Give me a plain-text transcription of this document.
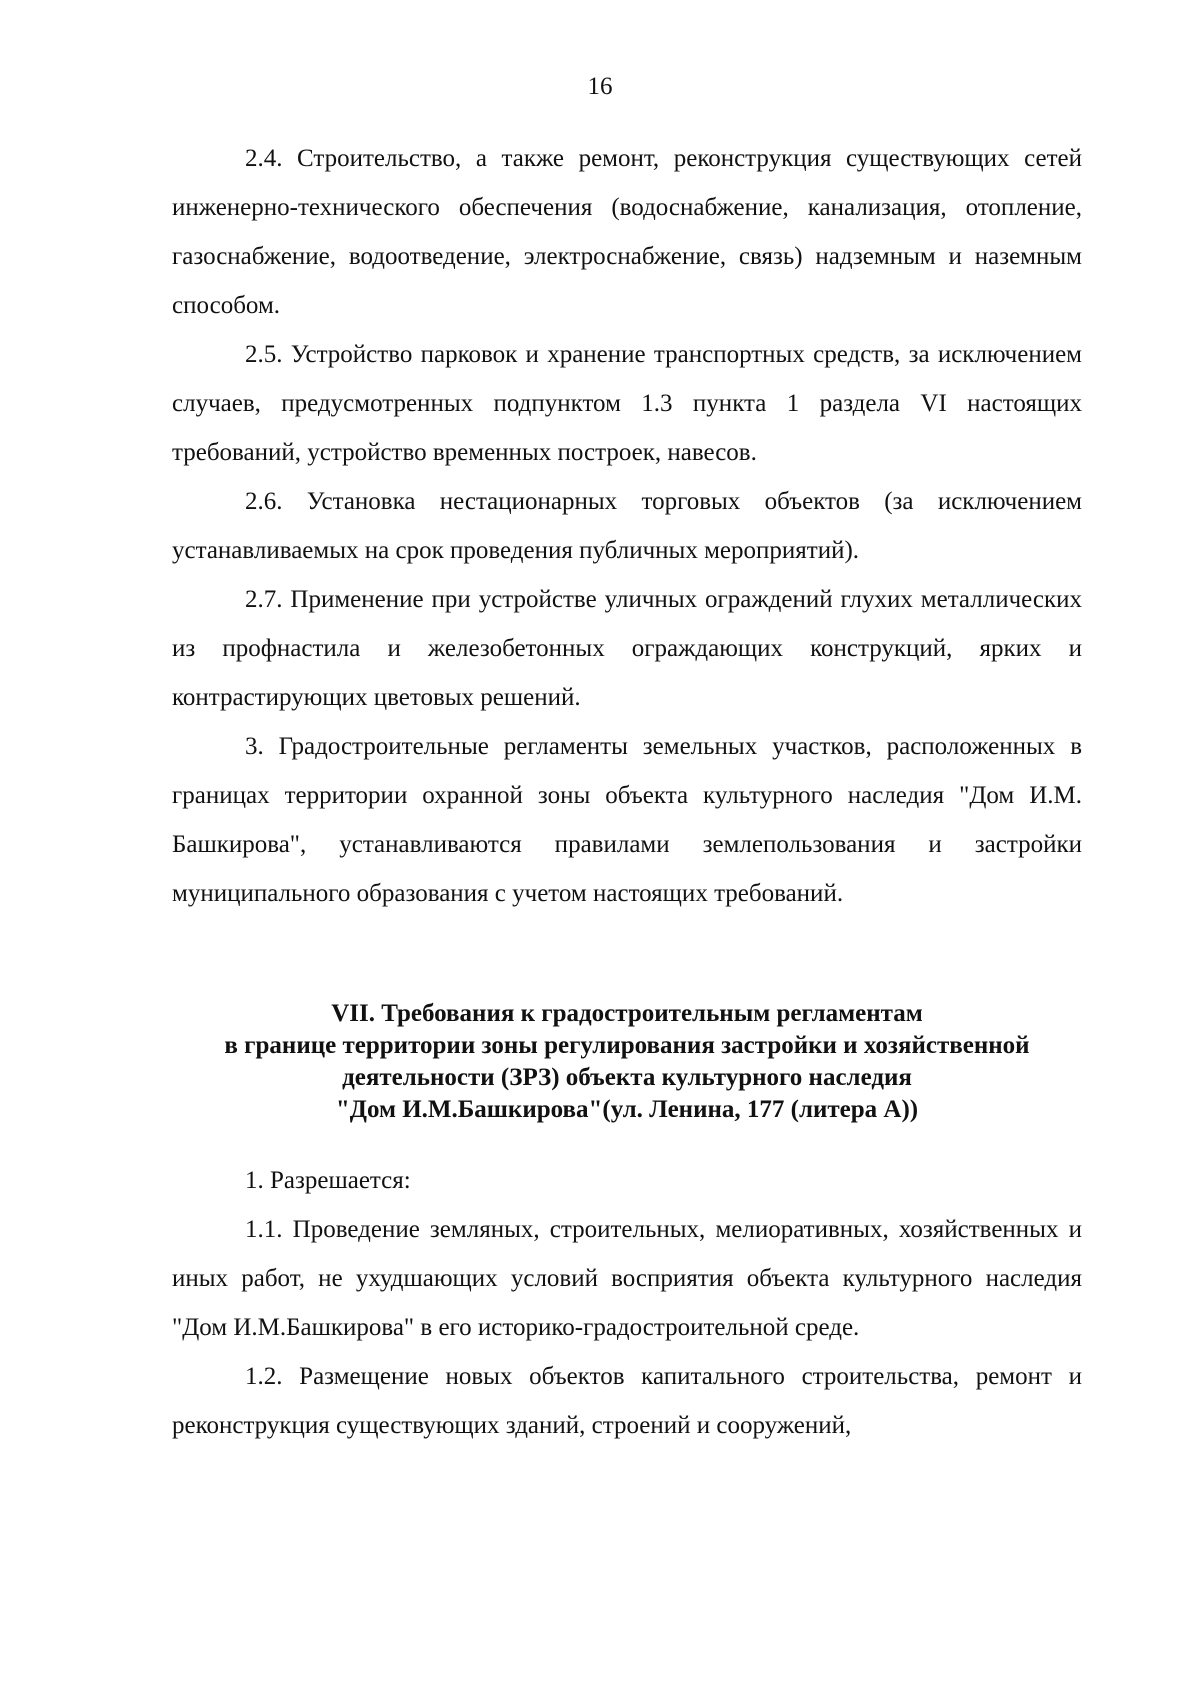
16

2.4. Строительство, а также ремонт, реконструкция существующих сетей инженерно-технического обеспечения (водоснабжение, канализация, отопление, газоснабжение, водоотведение, электроснабжение, связь) надземным и наземным способом.

2.5. Устройство парковок и хранение транспортных средств, за исключением случаев, предусмотренных подпунктом 1.3 пункта 1 раздела VI настоящих требований, устройство временных построек, навесов.

2.6. Установка нестационарных торговых объектов (за исключением устанавливаемых на срок проведения публичных мероприятий).

2.7. Применение при устройстве уличных ограждений глухих металлических из профнастила и железобетонных ограждающих конструкций, ярких и контрастирующих цветовых решений.

3. Градостроительные регламенты земельных участков, расположенных в границах территории охранной зоны объекта культурного наследия "Дом И.М. Башкирова", устанавливаются правилами землепользования и застройки муниципального образования с учетом настоящих требований.

VII. Требования к градостроительным регламентам
в границе территории зоны регулирования застройки и хозяйственной
деятельности (ЗРЗ) объекта культурного наследия
"Дом И.М.Башкирова"(ул. Ленина, 177 (литера А))

1. Разрешается:

1.1. Проведение земляных, строительных, мелиоративных, хозяйственных и иных работ, не ухудшающих условий восприятия объекта культурного наследия "Дом И.М.Башкирова" в его историко-градостроительной среде.

1.2. Размещение новых объектов капитального строительства, ремонт и реконструкция существующих зданий, строений и сооружений,
